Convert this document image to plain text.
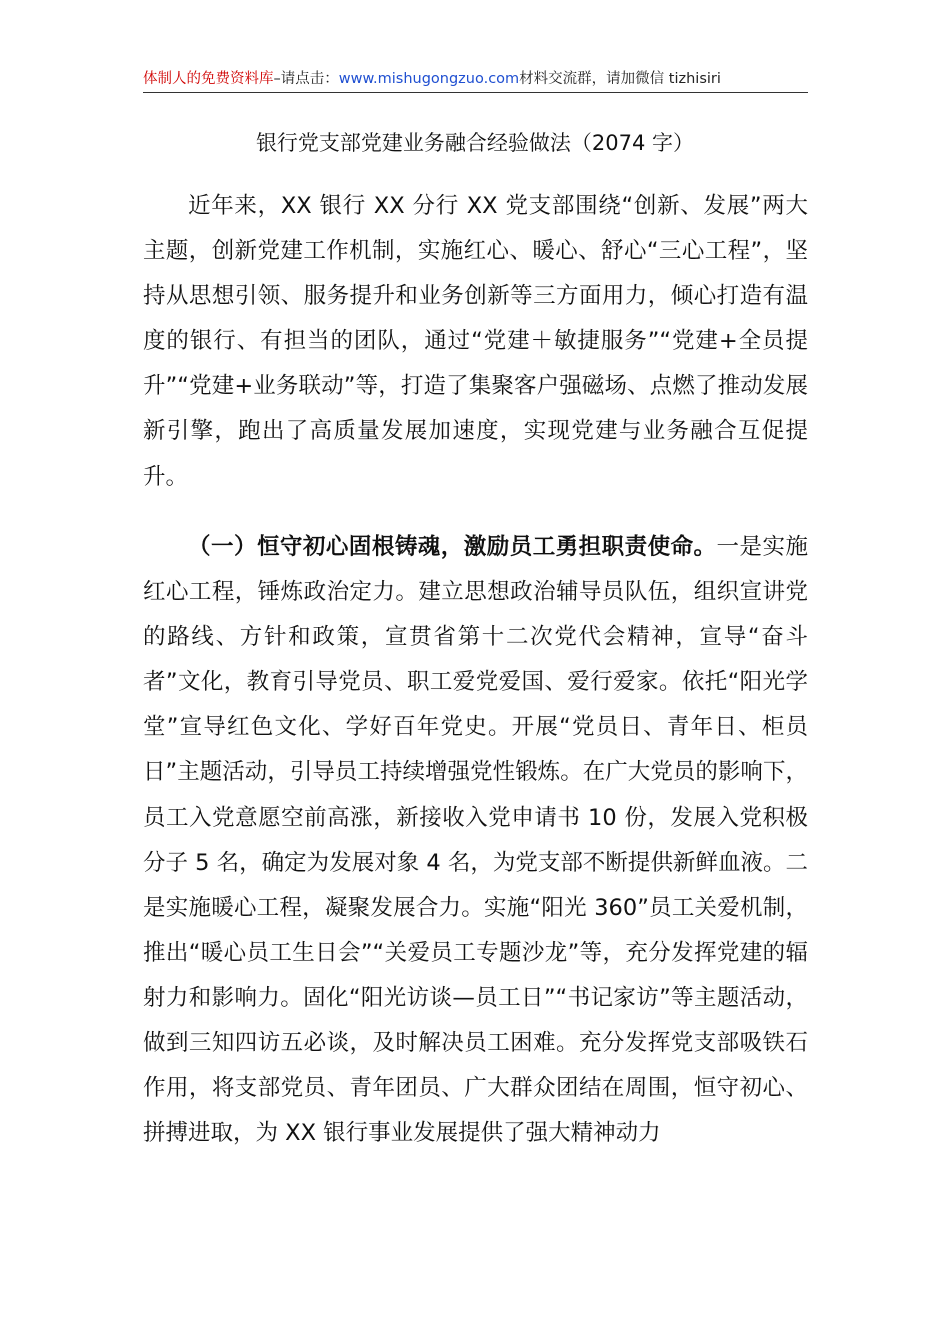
体制人的免费资料库–请点击：www.mishugongzuo.com材料交流群，请加微信 tizhisiri
银行党支部党建业务融合经验做法（2074 字）

近年来，XX 银行 XX 分行 XX 党支部围绕“创新、发展”两大主题，创新党建工作机制，实施红心、暖心、舒心“三心工程”，坚持从思想引领、服务提升和业务创新等三方面用力，倾心打造有温度的银行、有担当的团队，通过“党建＋敏捷服务”“党建+全员提升”“党建+业务联动”等，打造了集聚客户强磁场、点燃了推动发展新引擎，跑出了高质量发展加速度，实现党建与业务融合互促提升。

（一）恒守初心固根铸魂，激励员工勇担职责使命。一是实施红心工程，锤炼政治定力。建立思想政治辅导员队伍，组织宣讲党的路线、方针和政策，宣贯省第十二次党代会精神，宣导“奋斗者”文化，教育引导党员、职工爱党爱国、爱行爱家。依托“阳光学堂”宣导红色文化、学好百年党史。开展“党员日、青年日、柜员日”主题活动，引导员工持续增强党性锻炼。在广大党员的影响下，员工入党意愿空前高涨，新接收入党申请书 10 份，发展入党积极分子 5 名，确定为发展对象 4 名，为党支部不断提供新鲜血液。二是实施暖心工程，凝聚发展合力。实施“阳光 360”员工关爱机制，推出“暖心员工生日会”“关爱员工专题沙龙”等，充分发挥党建的辐射力和影响力。固化“阳光访谈—员工日”“书记家访”等主题活动，做到三知四访五必谈，及时解决员工困难。充分发挥党支部吸铁石作用，将支部党员、青年团员、广大群众团结在周围，恒守初心、拼搏进取，为 XX 银行事业发展提供了强大精神动力
